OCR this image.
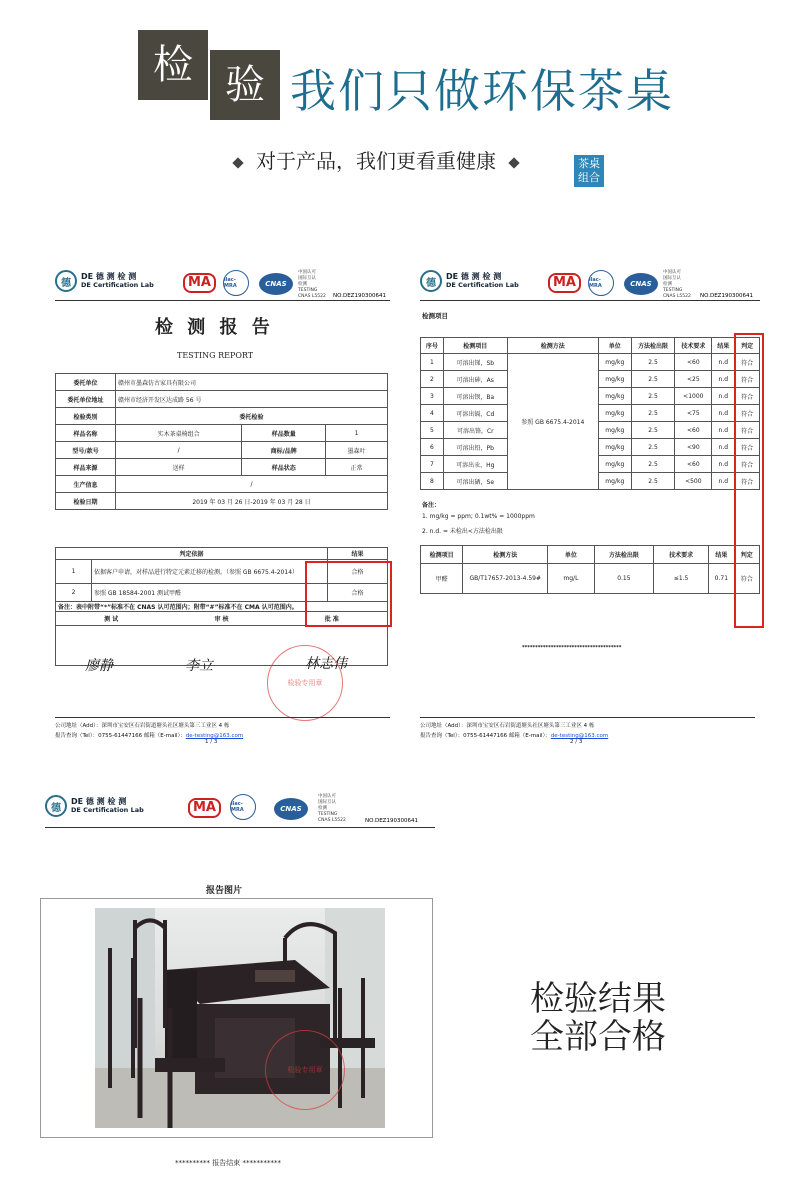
检 验 我们只做环保茶桌
对于产品，我们更看重健康	茶桌组合
德
DE 德 测 检 测
DE Certification Lab	MA	ilac-MRA	CNAS
中国认可
国际互认
检测
TESTING
CNAS L5522 NO.DEZ190300641
检 测 报 告
TESTING REPORT
委托单位	赣州市墨森仿古家具有限公司		
委托单位地址	赣州市经济开发区达成路 56 号		
检验类别	委托检验		
样品名称	实木茶桌椅组合	样品数量	1
型号/款号	/	商标/品牌	墨森叶
样品来源	送样	样品状态	正常
生产信息	/		
检验日期	2019 年 03 月 26 日-2019 年 03 月 28 日		
判定依据		结果
1	依据客户申请，对样品进行特定元素迁移的检测。（参照 GB 6675.4-2014）	合格
2	参照 GB 18584-2001 测试甲醛	合格
备注：表中附带“*”标准不在 CNAS 认可范围内；附带“#”标准不在 CMA 认可范围内。		

测 试 审 核 批 准		

廖静	李立	林志伟
检验专用章
公司地址（Add）：深圳市宝安区石岩街道塘头社区塘头第三工业区 4 栋
报告查询（Tel）：0755-61447166 邮箱（E-mail）：de-testing@163.com
1 / 3
德
DE 德 测 检 测
DE Certification Lab	MA	ilac-MRA	CNAS
中国认可
国际互认
检测
TESTING
CNAS L5522 NO.DEZ190300641
检测项目
序号	检测项目	检测方法	单位	方法检出限	技术要求	结果	判定
1	可溶出锑，Sb	参照 GB 6675.4-2014	mg/kg	2.5	<60	n.d	符合
2	可溶出砷，As		mg/kg	2.5	<25	n.d	符合
3	可溶出钡，Ba		mg/kg	2.5	<1000	n.d	符合
4	可溶出镉，Cd		mg/kg	2.5	<75	n.d	符合
5	可溶出铬，Cr		mg/kg	2.5	<60	n.d	符合
6	可溶出铅，Pb		mg/kg	2.5	<90	n.d	符合
7	可溶出汞，Hg		mg/kg	2.5	<60	n.d	符合
8	可溶出硒，Se		mg/kg	2.5	<500	n.d	符合
备注：
1. mg/kg = ppm; 0.1wt% = 1000ppm
2. n.d. = 未检出<方法检出限
检测项目	检测方法	单位	方法检出限	技术要求	结果	判定
甲醛	GB/T17657-2013-4.59#	mg/L	0.15	≤1.5	0.71	符合
**************************************
公司地址（Add）：深圳市宝安区石岩街道塘头社区塘头第三工业区 4 栋
报告查询（Tel）：0755-61447166 邮箱（E-mail）：de-testing@163.com
2 / 3
德
DE 德 测 检 测
DE Certification Lab	MA	ilac-MRA	CNAS
中国认可
国际互认
检测
TESTING
CNAS L5522	NO.DEZ190300641
报告图片
检验专用章
********** 报告结束 ***********
检验结果
全部合格
